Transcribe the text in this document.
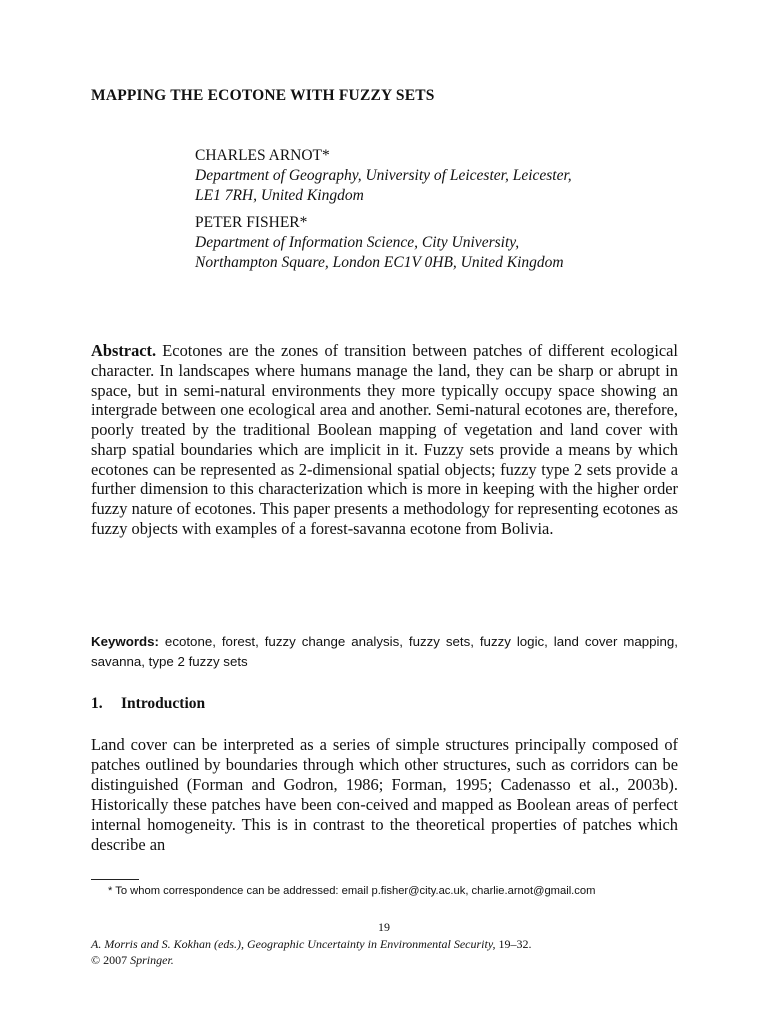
MAPPING THE ECOTONE WITH FUZZY SETS
CHARLES ARNOT*
Department of Geography, University of Leicester, Leicester,
LE1 7RH, United Kingdom
PETER FISHER*
Department of Information Science, City University,
Northampton Square, London EC1V 0HB, United Kingdom
Abstract. Ecotones are the zones of transition between patches of different ecological character. In landscapes where humans manage the land, they can be sharp or abrupt in space, but in semi-natural environments they more typically occupy space showing an intergrade between one ecological area and another. Semi-natural ecotones are, therefore, poorly treated by the traditional Boolean mapping of vegetation and land cover with sharp spatial boundaries which are implicit in it. Fuzzy sets provide a means by which ecotones can be represented as 2-dimensional spatial objects; fuzzy type 2 sets provide a further dimension to this characterization which is more in keeping with the higher order fuzzy nature of ecotones. This paper presents a methodology for representing ecotones as fuzzy objects with examples of a forest-savanna ecotone from Bolivia.
Keywords: ecotone, forest, fuzzy change analysis, fuzzy sets, fuzzy logic, land cover mapping, savanna, type 2 fuzzy sets
1. Introduction
Land cover can be interpreted as a series of simple structures principally composed of patches outlined by boundaries through which other structures, such as corridors can be distinguished (Forman and Godron, 1986; Forman, 1995; Cadenasso et al., 2003b). Historically these patches have been con-ceived and mapped as Boolean areas of perfect internal homogeneity. This is in contrast to the theoretical properties of patches which describe an
* To whom correspondence can be addressed: email p.fisher@city.ac.uk, charlie.arnot@gmail.com
19
A. Morris and S. Kokhan (eds.), Geographic Uncertainty in Environmental Security, 19–32.
© 2007 Springer.
